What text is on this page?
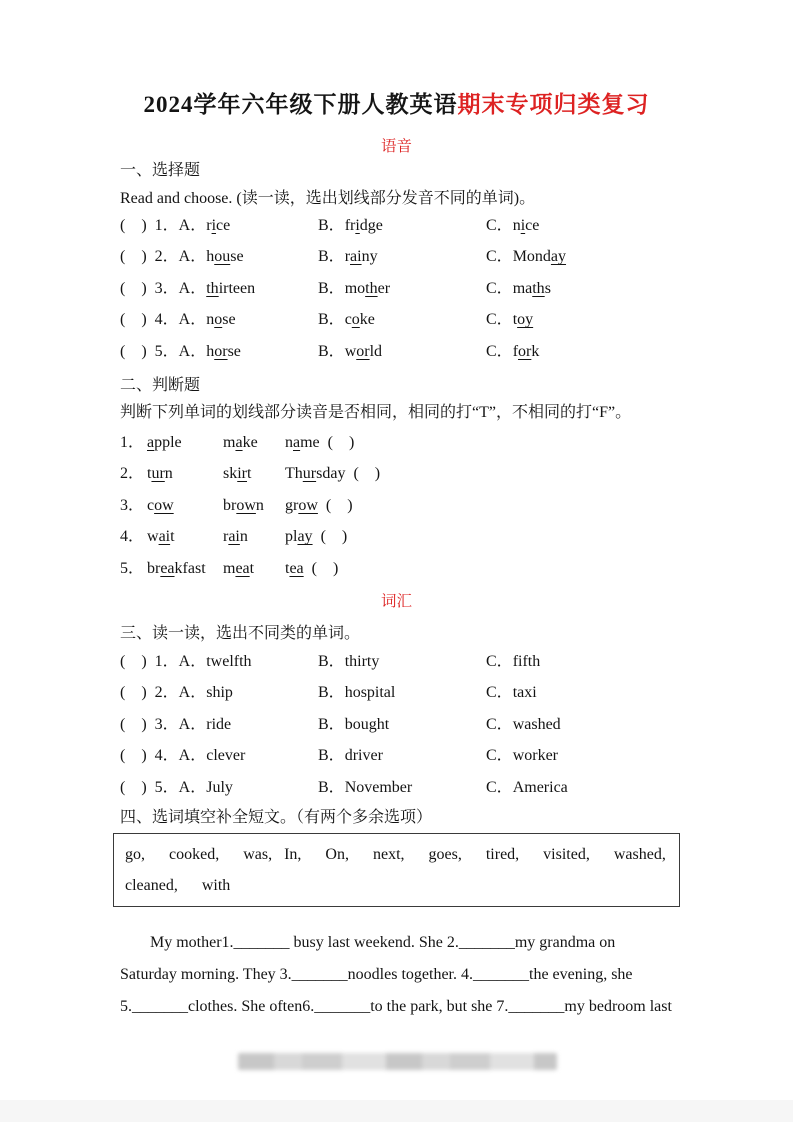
2024学年六年级下册人教英语期末专项归类复习
语音
一、选择题
Read and choose. (读一读，选出划线部分发音不同的单词)。
(    ) 1．A．rice	B．fridge	C．nice
(    ) 2．A．house	B．rainy	C．Monday
(    ) 3．A．thirteen	B．mother	C．maths
(    ) 4．A．nose	B．coke	C．toy
(    ) 5．A．horse	B．world	C．fork
二、判断题
判断下列单词的划线部分读音是否相同，相同的打“T”，不相同的打“F”。
1． apple	make name (    )
2． turn	skirt Thursday (    )
3． cow	brown grow (    )
4． wait	rain play (    )
5． breakfast meat tea (    )
词汇
三、读一读，选出不同类的单词。
(    ) 1．A．twelfth	B．thirty	C．fifth
(    ) 2．A．ship	B．hospital	C．taxi
(    ) 3．A．ride	B．bought	C．washed
(    ) 4．A．clever	B．driver	C．worker
(    ) 5．A．July	B．November	C．America
四、选词填空补全短文。（有两个多余选项）
go,      cooked,      was,   In,      On,      next,      goes,      tired,      visited,      washed,
cleaned,      with
My mother1._______ busy last weekend. She 2._______my grandma on
Saturday morning. They 3._______noodles together. 4._______the evening, she
5._______clothes. She often6._______to the park, but she 7._______my bedroom last
